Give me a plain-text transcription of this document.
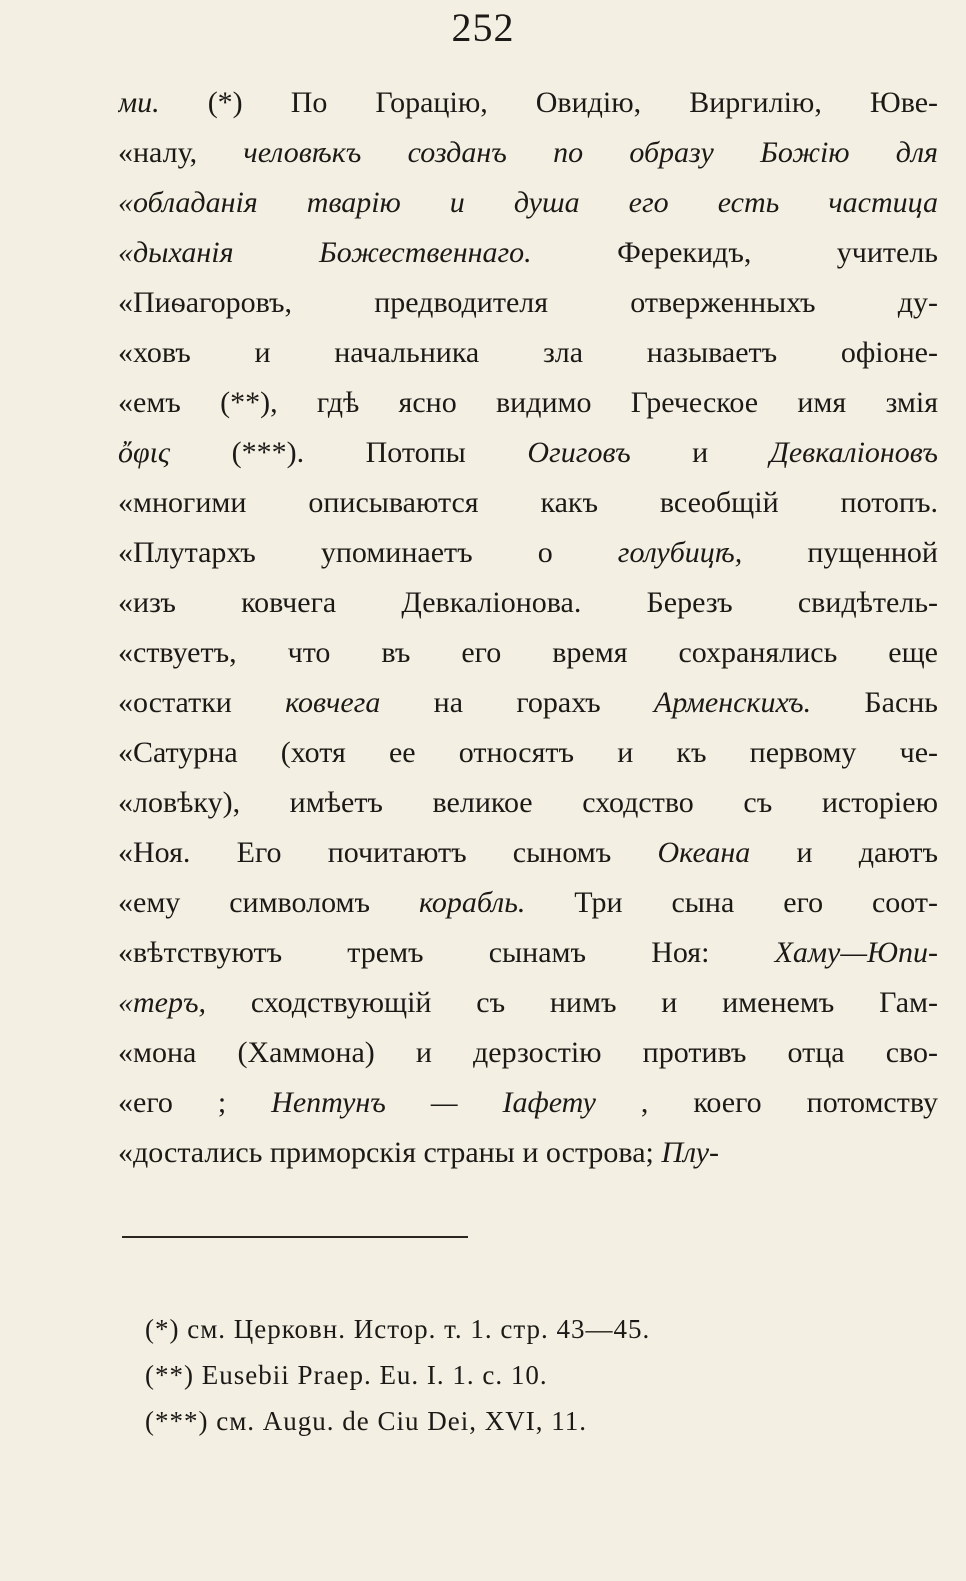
252
ми. (*) По Горацію, Овидію, Виргилію, Юве-
«налу, человѣкъ созданъ по образу Божію для
«обладанія тварію и душа его есть частица
«дыханія Божественнаго. Ферекидъ, учитель
«Пиѳагоровъ, предводителя отверженныхъ ду-
«ховъ и начальника зла называетъ офіоне-
«емъ (**), гдѣ ясно видимо Греческое имя змія
ὄφις (***). Потопы Огиговъ и Девкаліоновъ
«многими описываются какъ всеобщій потопъ.
«Плутархъ упоминаетъ о голубицѣ, пущенной
«изъ ковчега Девкаліонова. Березъ свидѣтель-
«ствуетъ, что въ его время сохранялись еще
«остатки ковчега на горахъ Арменскихъ. Баснь
«Сатурна (хотя ее относятъ и къ первому че-
«ловѣку), имѣетъ великое сходство съ исторіею
«Ноя. Его почитаютъ сыномъ Океана и даютъ
«ему символомъ корабль. Три сына его соот-
«вѣтствуютъ тремъ сынамъ Ноя: Хаму—Юпи-
«теръ, сходствующій съ нимъ и именемъ Гам-
«мона (Хаммона) и дерзостію противъ отца сво-
«его ; Нептунъ — Іафету , коего потомству
«достались приморскія страны и острова; Плу-
(*) см. Церковн. Истор. т. 1. стр. 43—45.
(**) Eusebii Praep. Eu. I. 1. c. 10.
(***) см. Augu. de Ciu Dei, XVI, 11.
